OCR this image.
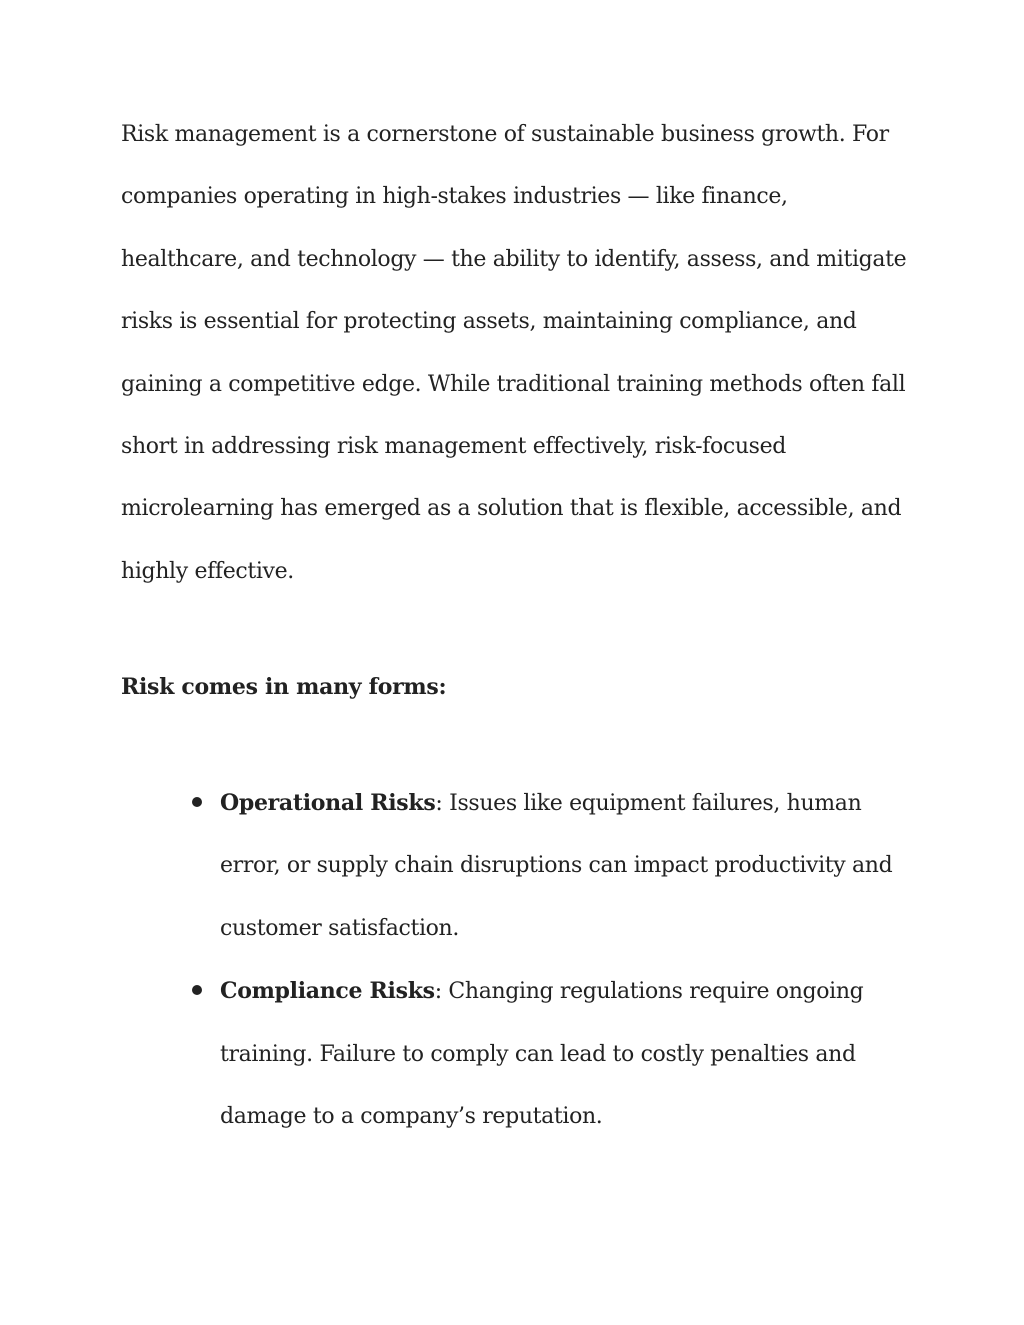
Risk management is a cornerstone of sustainable business growth. For companies operating in high-stakes industries — like finance, healthcare, and technology — the ability to identify, assess, and mitigate risks is essential for protecting assets, maintaining compliance, and gaining a competitive edge. While traditional training methods often fall short in addressing risk management effectively, risk-focused microlearning has emerged as a solution that is flexible, accessible, and highly effective.

Risk comes in many forms:
Operational Risks: Issues like equipment failures, human error, or supply chain disruptions can impact productivity and customer satisfaction.
Compliance Risks: Changing regulations require ongoing training. Failure to comply can lead to costly penalties and damage to a company’s reputation.
